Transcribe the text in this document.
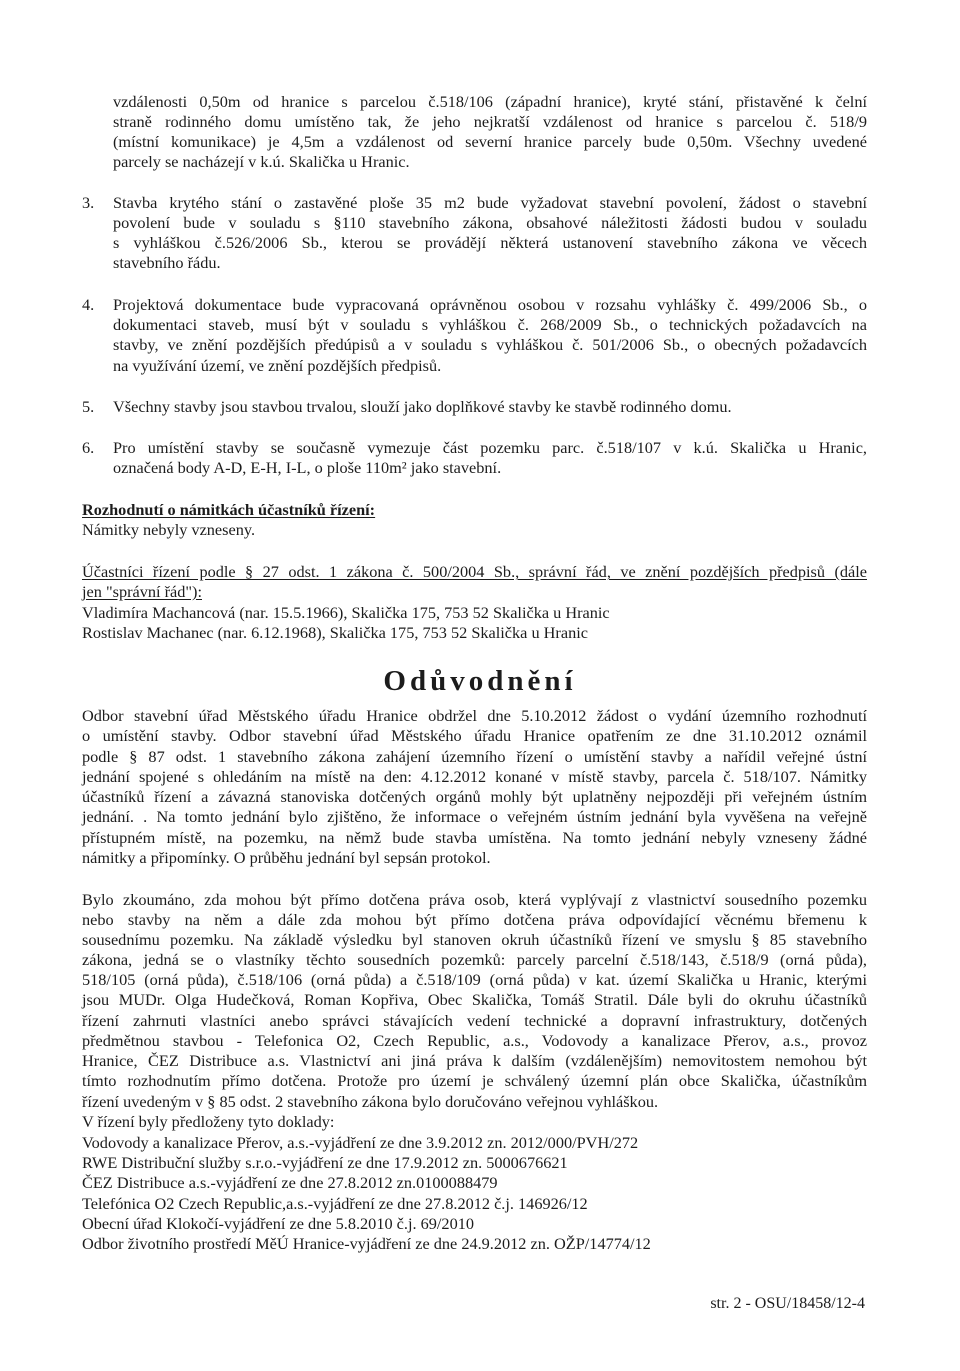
vzdálenosti 0,50m od hranice s parcelou č.518/106 (západní hranice), kryté stání, přistavěné k čelní
straně rodinného domu umístěno tak, že jeho nejkratší vzdálenost od hranice s parcelou č. 518/9
(místní komunikace) je 4,5m a vzdálenost od severní hranice parcely bude 0,50m. Všechny uvedené
parcely se nacházejí v k.ú. Skalička u Hranic.
3. Stavba krytého stání o zastavěné ploše 35 m2 bude vyžadovat stavební povolení, žádost o stavební
povolení bude v souladu s §110 stavebního zákona, obsahové náležitosti žádosti budou v souladu
s vyhláškou č.526/2006 Sb., kterou se provádějí některá ustanovení stavebního zákona ve věcech
stavebního řádu.
4. Projektová dokumentace bude vypracovaná oprávněnou osobou v rozsahu vyhlášky č. 499/2006 Sb., o
dokumentaci staveb, musí být v souladu s vyhláškou č. 268/2009 Sb., o technických požadavcích na
stavby, ve znění pozdějších předúpisů a v souladu s vyhláškou č. 501/2006 Sb., o obecných požadavcích
na využívání území, ve znění pozdějších předpisů.
5. Všechny stavby jsou stavbou trvalou, slouží jako doplňkové stavby ke stavbě rodinného domu.
6. Pro umístění stavby se současně vymezuje část pozemku parc. č.518/107 v k.ú. Skalička u Hranic,
označená body A-D, E-H, I-L, o ploše 110m² jako stavební.
Rozhodnutí o námitkách účastníků řízení:
Námitky nebyly vzneseny.
Účastníci řízení podle § 27 odst. 1 zákona č. 500/2004 Sb., správní řád, ve znění pozdějších předpisů (dále
jen "správní řád"):
Vladimíra Machancová (nar. 15.5.1966), Skalička 175, 753 52 Skalička u Hranic
Rostislav Machanec (nar. 6.12.1968), Skalička 175, 753 52 Skalička u Hranic
Odůvodnění
Odbor stavební úřad Městského úřadu Hranice obdržel dne 5.10.2012 žádost o vydání územního rozhodnutí
o umístění stavby. Odbor stavební úřad Městského úřadu Hranice opatřením ze dne 31.10.2012 oznámil
podle § 87 odst. 1 stavebního zákona zahájení územního řízení o umístění stavby a nařídil veřejné ústní
jednání spojené s ohledáním na místě na den: 4.12.2012 konané v místě stavby, parcela č. 518/107. Námitky
účastníků řízení a závazná stanoviska dotčených orgánů mohly být uplatněny nejpozději při veřejném ústním
jednání. . Na tomto jednání bylo zjištěno, že informace o veřejném ústním jednání byla vyvěšena na veřejně
přístupném místě, na pozemku, na němž bude stavba umístěna. Na tomto jednání nebyly vzneseny žádné
námitky a připomínky. O průběhu jednání byl sepsán protokol.
Bylo zkoumáno, zda mohou být přímo dotčena práva osob, která vyplývají z vlastnictví sousedního pozemku
nebo stavby na něm a dále zda mohou být přímo dotčena práva odpovídající věcnému břemenu k
sousednímu pozemku. Na základě výsledku byl stanoven okruh účastníků řízení ve smyslu § 85 stavebního
zákona, jedná se o vlastníky těchto sousedních pozemků: parcely parcelní č.518/143, č.518/9 (orná půda),
518/105 (orná půda), č.518/106 (orná půda) a č.518/109 (orná půda) v kat. území Skalička u Hranic, kterými
jsou MUDr. Olga Hudečková, Roman Kopřiva, Obec Skalička, Tomáš Stratil. Dále byli do okruhu účastníků
řízení zahrnuti vlastníci anebo správci stávajících vedení technické a dopravní infrastruktury, dotčených
předmětnou stavbou - Telefonica O2, Czech Republic, a.s., Vodovody a kanalizace Přerov, a.s., provoz
Hranice, ČEZ Distribuce a.s. Vlastnictví ani jiná práva k dalším (vzdálenějším) nemovitostem nemohou být
tímto rozhodnutím přímo dotčena. Protože pro území je schválený územní plán obce Skalička, účastníkům
řízení uvedeným v § 85 odst. 2 stavebního zákona bylo doručováno veřejnou vyhláškou.
V řízení byly předloženy tyto doklady:
Vodovody a kanalizace Přerov, a.s.-vyjádření ze dne 3.9.2012 zn. 2012/000/PVH/272
RWE Distribuční služby s.r.o.-vyjádření ze dne 17.9.2012 zn. 5000676621
ČEZ Distribuce a.s.-vyjádření ze dne 27.8.2012 zn.0100088479
Telefónica O2 Czech Republic,a.s.-vyjádření ze dne 27.8.2012 č.j. 146926/12
Obecní úřad Klokočí-vyjádření ze dne 5.8.2010 č.j. 69/2010
Odbor životního prostředí MěÚ Hranice-vyjádření ze dne 24.9.2012 zn. OŽP/14774/12
str. 2 - OSU/18458/12-4
